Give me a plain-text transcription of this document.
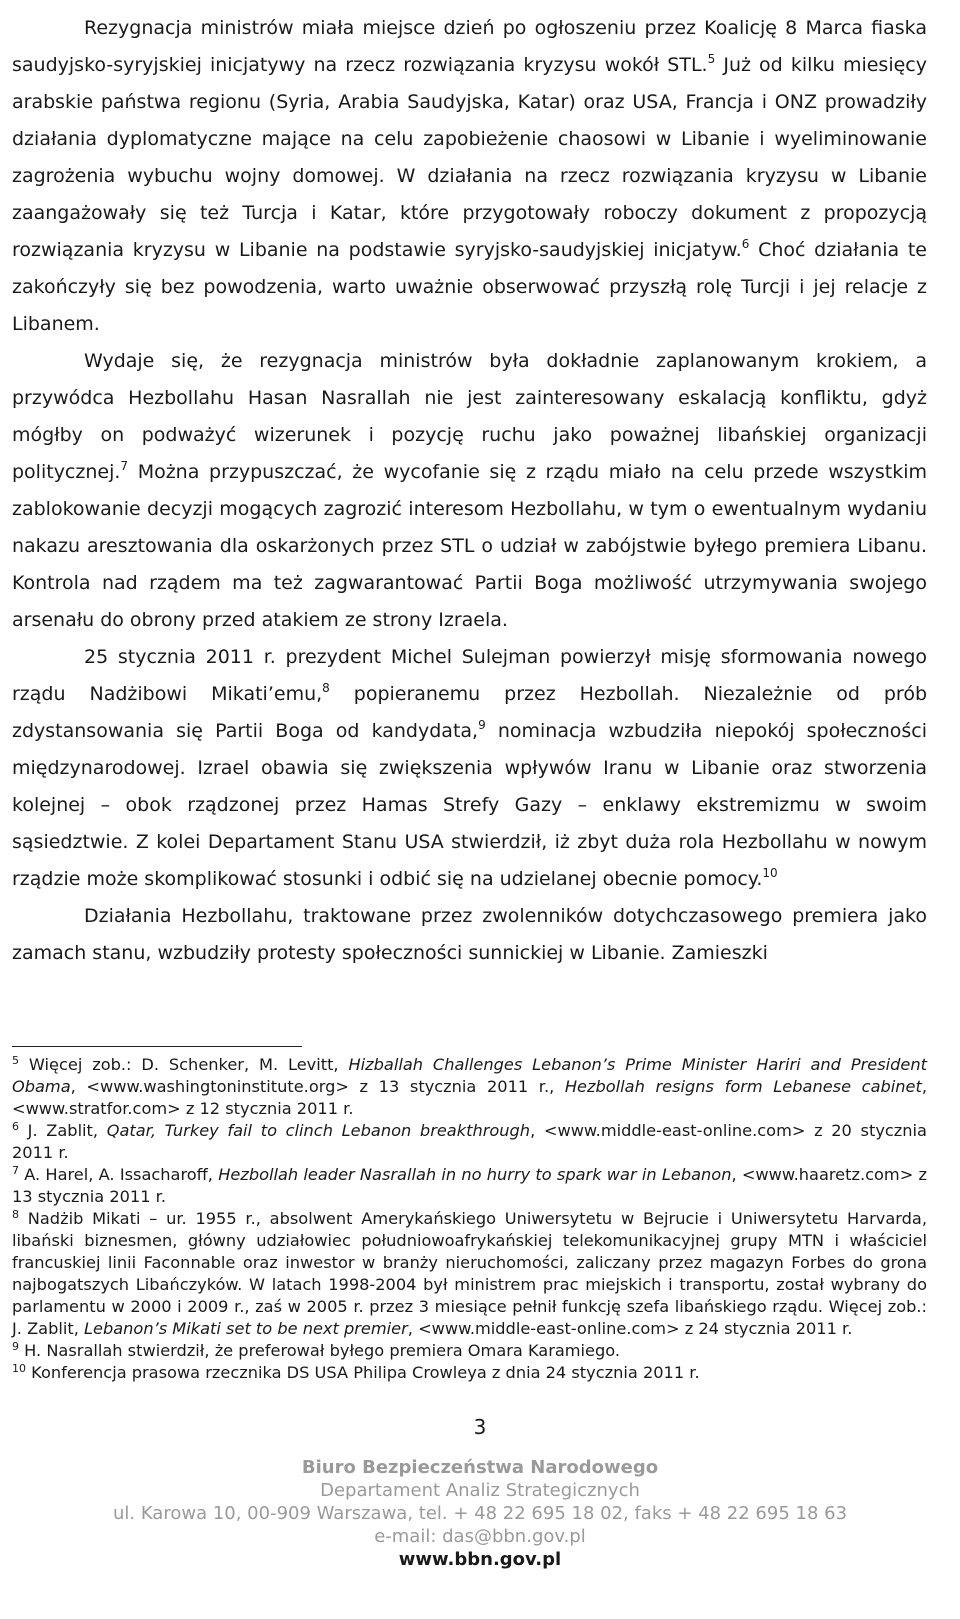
Rezygnacja ministrów miała miejsce dzień po ogłoszeniu przez Koalicję 8 Marca fiaska saudyjsko-syryjskiej inicjatywy na rzecz rozwiązania kryzysu wokół STL.$^5$ Już od kilku miesięcy arabskie państwa regionu (Syria, Arabia Saudyjska, Katar) oraz USA, Francja i ONZ prowadziły działania dyplomatyczne mające na celu zapobieżenie chaosowi w Libanie i wyeliminowanie zagrożenia wybuchu wojny domowej. W działania na rzecz rozwiązania kryzysu w Libanie zaangażowały się też Turcja i Katar, które przygotowały roboczy dokument z propozycją rozwiązania kryzysu w Libanie na podstawie syryjsko-saudyjskiej inicjatyw.$^6$ Choć działania te zakończyły się bez powodzenia, warto uważnie obserwować przyszłą rolę Turcji i jej relacje z Libanem.

Wydaje się, że rezygnacja ministrów była dokładnie zaplanowanym krokiem, a przywódca Hezbollahu Hasan Nasrallah nie jest zainteresowany eskalacją konfliktu, gdyż mógłby on podważyć wizerunek i pozycję ruchu jako poważnej libańskiej organizacji politycznej.$^7$ Można przypuszczać, że wycofanie się z rządu miało na celu przede wszystkim zablokowanie decyzji mogących zagrozić interesom Hezbollahu, w tym o ewentualnym wydaniu nakazu aresztowania dla oskarżonych przez STL o udział w zabójstwie byłego premiera Libanu. Kontrola nad rządem ma też zagwarantować Partii Boga możliwość utrzymywania swojego arsenału do obrony przed atakiem ze strony Izraela.

25 stycznia 2011 r. prezydent Michel Sulejman powierzył misję sformowania nowego rządu Nadżibowi Mikati’emu,$^8$ popieranemu przez Hezbollah. Niezależnie od prób zdystansowania się Partii Boga od kandydata,$^9$ nominacja wzbudziła niepokój społeczności międzynarodowej. Izrael obawia się zwiększenia wpływów Iranu w Libanie oraz stworzenia kolejnej – obok rządzonej przez Hamas Strefy Gazy – enklawy ekstremizmu w swoim sąsiedztwie. Z kolei Departament Stanu USA stwierdził, iż zbyt duża rola Hezbollahu w nowym rządzie może skomplikować stosunki i odbić się na udzielanej obecnie pomocy.$^{10}$

Działania Hezbollahu, traktowane przez zwolenników dotychczasowego premiera jako zamach stanu, wzbudziły protesty społeczności sunnickiej w Libanie. Zamieszki

$^5$ Więcej zob.: D. Schenker, M. Levitt, Hizballah Challenges Lebanon’s Prime Minister Hariri and President Obama, <www.washingtoninstitute.org> z 13 stycznia 2011 r., Hezbollah resigns form Lebanese cabinet, <www.stratfor.com> z 12 stycznia 2011 r.

$^6$ J. Zablit, Qatar, Turkey fail to clinch Lebanon breakthrough, <www.middle-east-online.com> z 20 stycznia 2011 r.

$^7$ A. Harel, A. Issacharoff, Hezbollah leader Nasrallah in no hurry to spark war in Lebanon, <www.haaretz.com> z 13 stycznia 2011 r.

$^8$ Nadżib Mikati – ur. 1955 r., absolwent Amerykańskiego Uniwersytetu w Bejrucie i Uniwersytetu Harvarda, libański biznesmen, główny udziałowiec południowoafrykańskiej telekomunikacyjnej grupy MTN i właściciel francuskiej linii Faconnable oraz inwestor w branży nieruchomości, zaliczany przez magazyn Forbes do grona najbogatszych Libańczyków. W latach 1998-2004 był ministrem prac miejskich i transportu, został wybrany do parlamentu w 2000 i 2009 r., zaś w 2005 r. przez 3 miesiące pełnił funkcję szefa libańskiego rządu. Więcej zob.: J. Zablit, Lebanon’s Mikati set to be next premier, <www.middle-east-online.com> z 24 stycznia 2011 r.

$^9$ H. Nasrallah stwierdził, że preferował byłego premiera Omara Karamiego.

$^{10}$ Konferencja prasowa rzecznika DS USA Philipa Crowleya z dnia 24 stycznia 2011 r.

3
Biuro Bezpieczeństwa Narodowego
Departament Analiz Strategicznych
ul. Karowa 10, 00-909 Warszawa, tel. + 48 22 695 18 02, faks + 48 22 695 18 63
e-mail: das@bbn.gov.pl
www.bbn.gov.pl
